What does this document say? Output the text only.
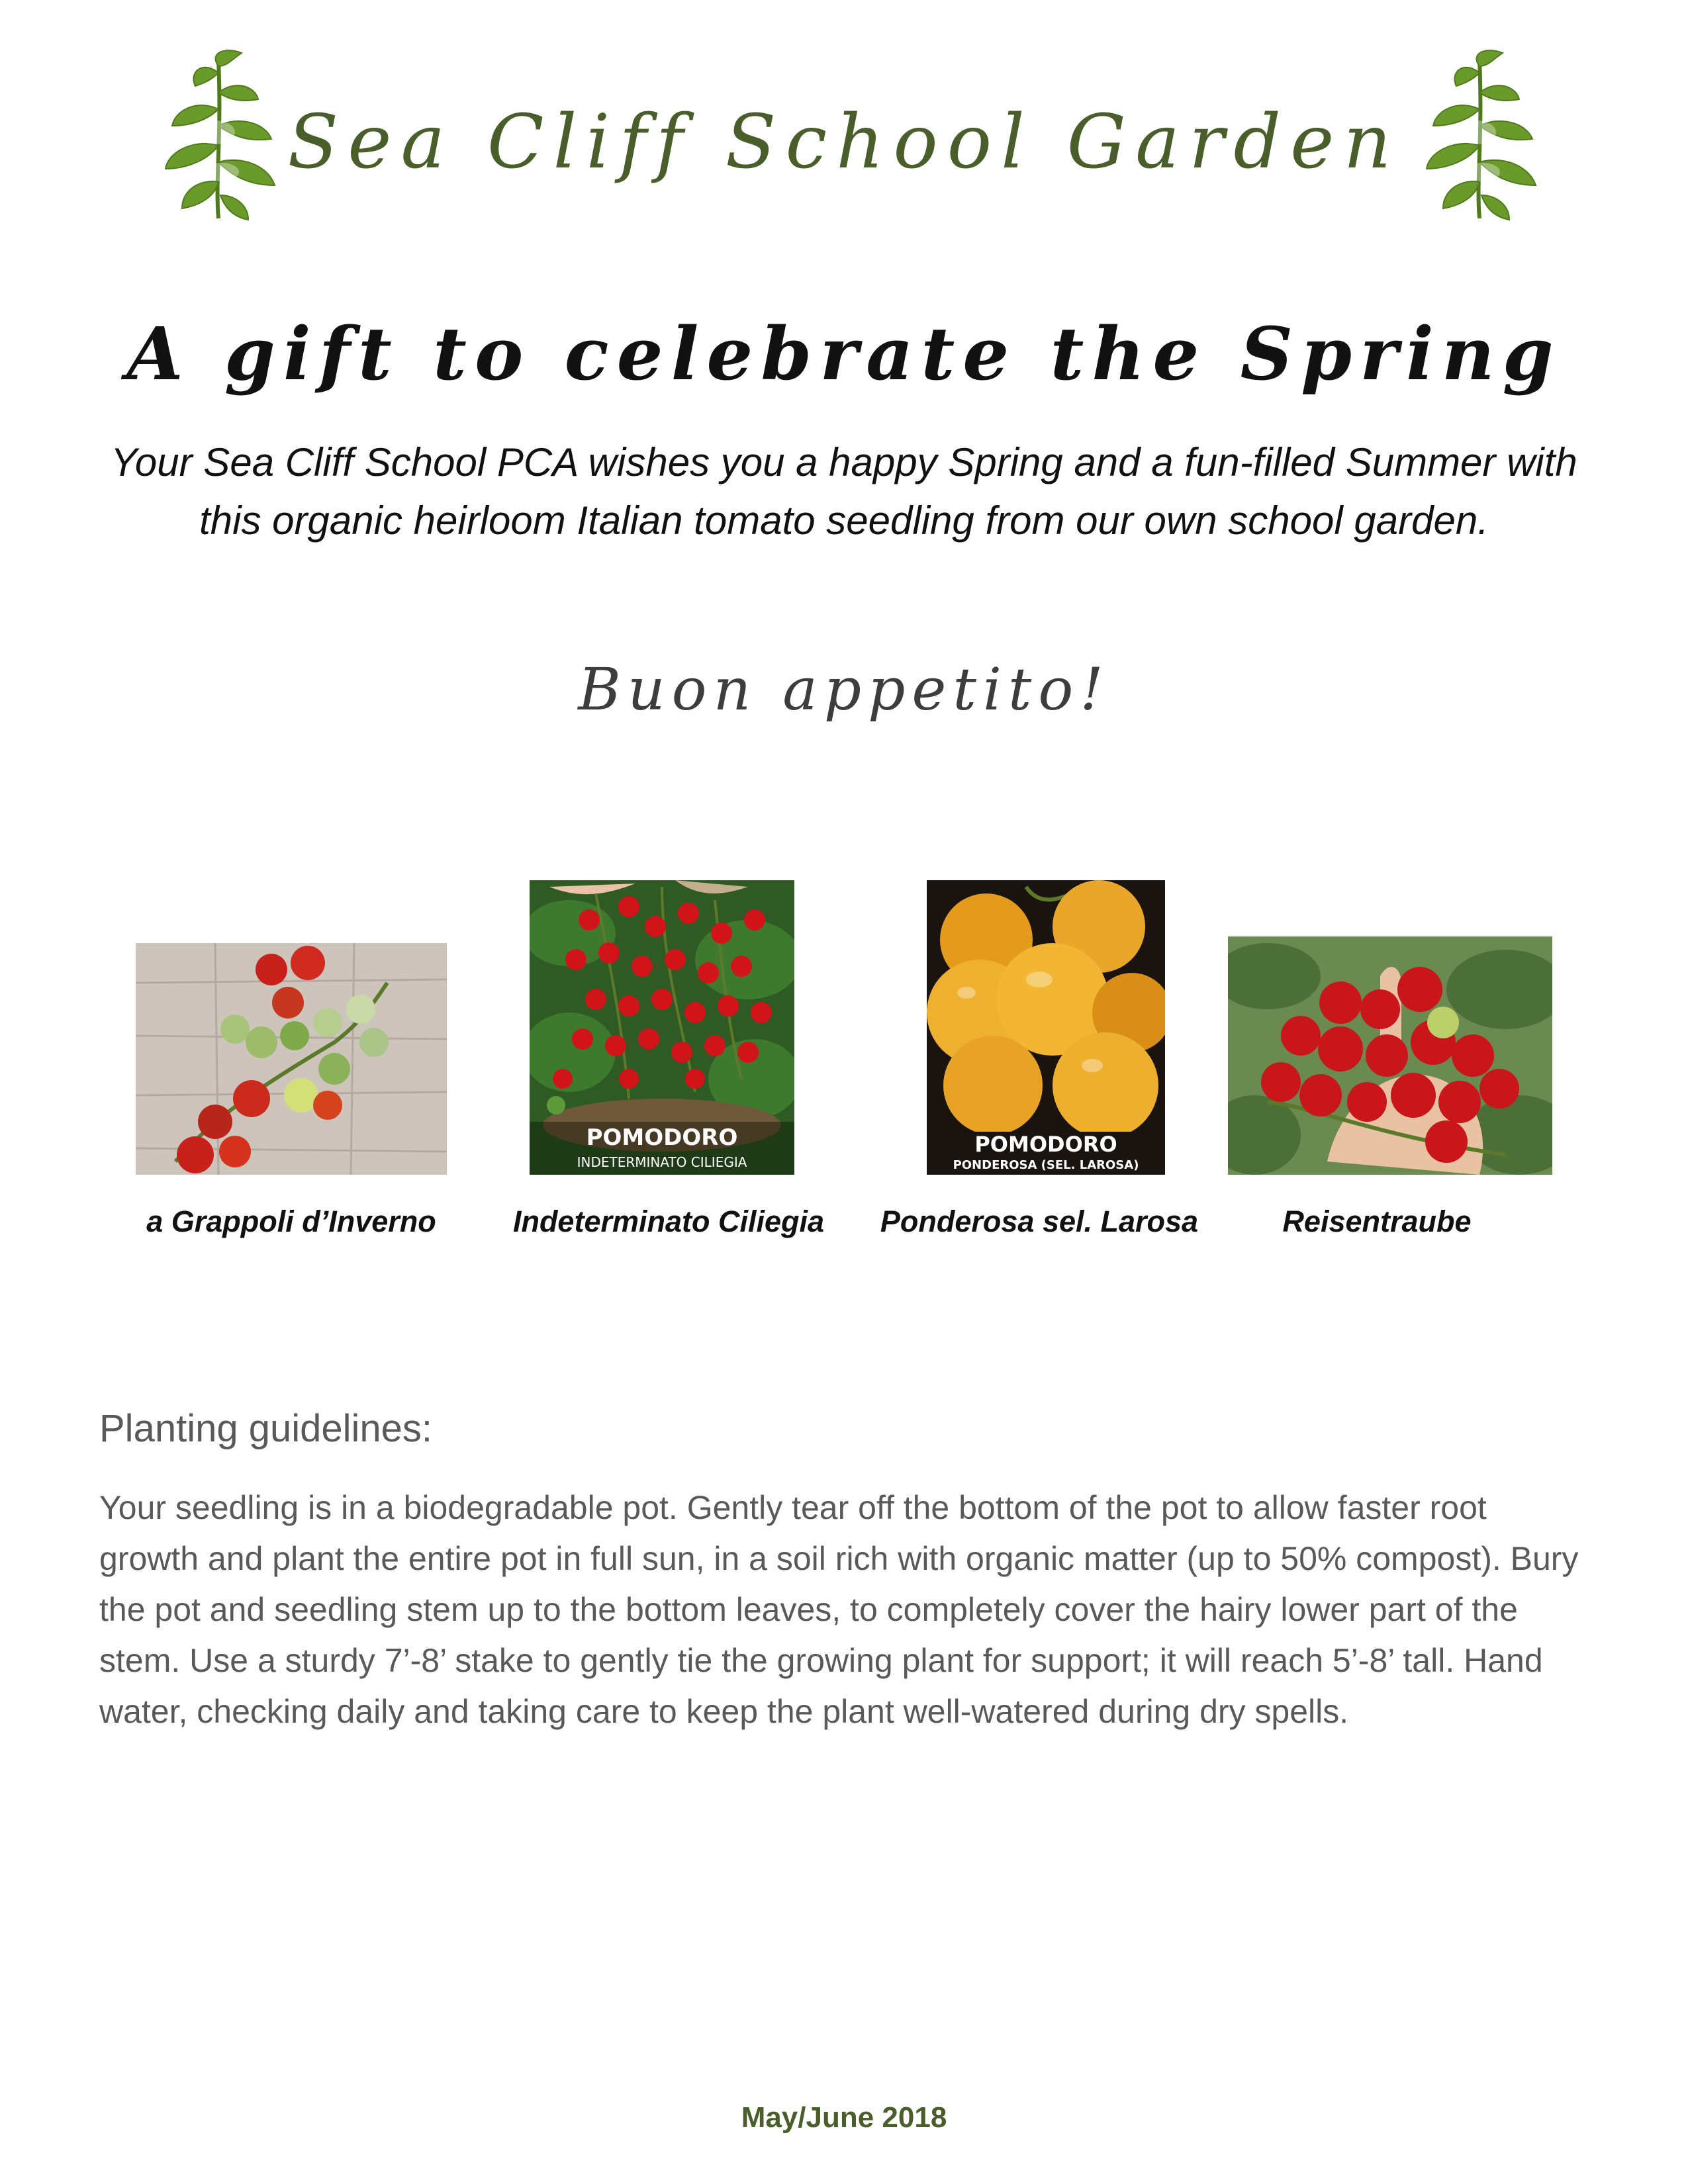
Sea Cliff School Garden
A gift to celebrate the Spring
Your Sea Cliff School PCA wishes you a happy Spring and a fun-filled Summer with this organic heirloom Italian tomato seedling from our own school garden.
Buon appetito!
POMODORO
INDETERMINATO CILIEGIA
POMODORO
PONDEROSA (SEL. LAROSA)
a Grappoli d’Inverno	Indeterminato Ciliegia	Ponderosa sel. Larosa	Reisentraube
Planting guidelines:
Your seedling is in a biodegradable pot. Gently tear off the bottom of the pot to allow faster root growth and plant the entire pot in full sun, in a soil rich with organic matter (up to 50% compost). Bury the pot and seedling stem up to the bottom leaves, to completely cover the hairy lower part of the stem. Use a sturdy 7’-8’ stake to gently tie the growing plant for support; it will reach 5’-8’ tall. Hand water, checking daily and taking care to keep the plant well-watered during dry spells.
May/June 2018
